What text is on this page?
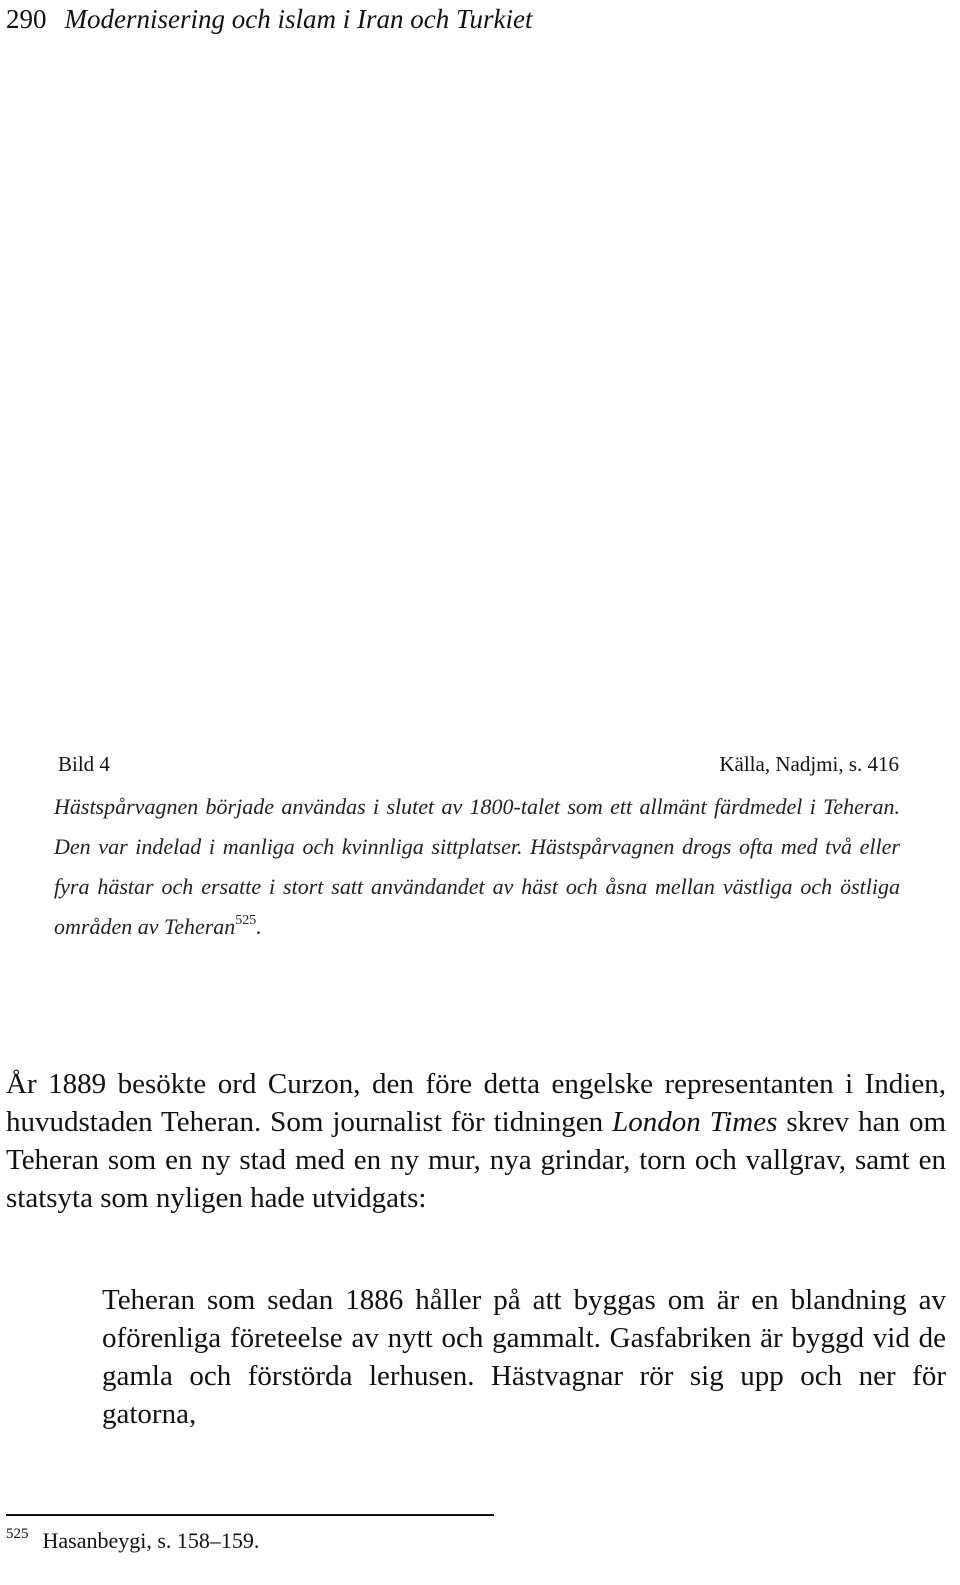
290 Modernisering och islam i Iran och Turkiet
Bild 4	Källa, Nadjmi, s. 416
Hästspårvagnen började användas i slutet av 1800-talet som ett allmänt färdmedel i Teheran. Den var indelad i manliga och kvinnliga sittplatser. Hästspårvagnen drogs ofta med två eller fyra hästar och ersatte i stort satt användandet av häst och åsna mellan västliga och östliga områden av Teheran$^{525}$.
År 1889 besökte ord Curzon, den före detta engelske representanten i Indien, huvudstaden Teheran. Som journalist för tidningen London Times skrev han om Teheran som en ny stad med en ny mur, nya grindar, torn och vallgrav, samt en statsyta som nyligen hade utvidgats:
Teheran som sedan 1886 håller på att byggas om är en blandning av oförenliga företeelse av nytt och gammalt. Gasfabriken är byggd vid de gamla och förstörda lerhusen. Hästvagnar rör sig upp och ner för gatorna,
$^{525}$ Hasanbeygi, s. 158–159.
